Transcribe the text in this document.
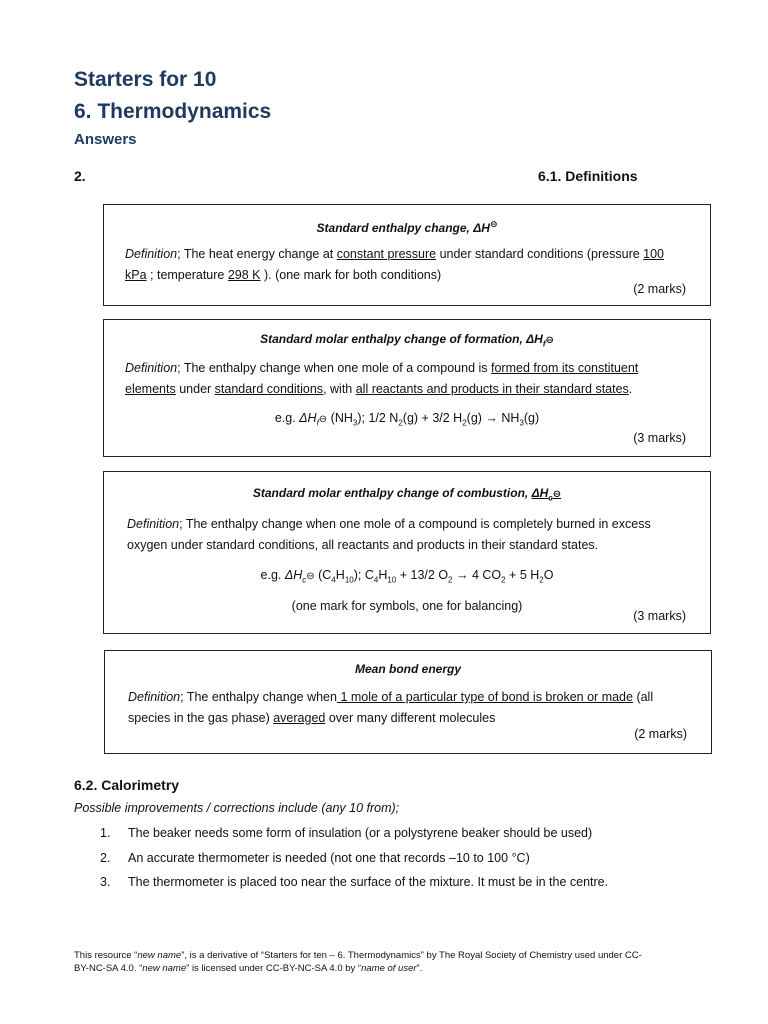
Starters for 10
6. Thermodynamics
Answers
2.	6.1. Definitions
Standard enthalpy change, ΔH⊖
Definition; The heat energy change at constant pressure under standard conditions (pressure 100
kPa ; temperature 298 K ). (one mark for both conditions)
(2 marks)
Standard molar enthalpy change of formation, $\Delta H_f⊖$
Definition; The enthalpy change when one mole of a compound is formed from its constituent
elements under standard conditions, with all reactants and products in their standard states.
e.g. $\Delta H_f⊖$ $(NH_3)$; 1/2 $N_2(g) + 3/2$ $H_2(g) \to NH_3(g)$
(3 marks)
Standard molar enthalpy change of combustion, $\Delta H_c⊖$
Definition; The enthalpy change when one mole of a compound is completely burned in excess
oxygen under standard conditions, all reactants and products in their standard states.
e.g. $\Delta H_c⊖$ $(C_4H_{10})$; $C_4H_{10} + 13/2$ $O_2 \to 4$ $CO_2 + 5$ $H_2O$
(one mark for symbols, one for balancing)
(3 marks)
Mean bond energy
Definition; The enthalpy change when 1 mole of a particular type of bond is broken or made (all
species in the gas phase) averaged over many different molecules
(2 marks)
6.2. Calorimetry
Possible improvements / corrections include (any 10 from);
1. The beaker needs some form of insulation (or a polystyrene beaker should be used)
2. An accurate thermometer is needed (not one that records –10 to 100 °C)
3. The thermometer is placed too near the surface of the mixture. It must be in the centre.
This resource “new name”, is a derivative of “Starters for ten – 6. Thermodynamics” by The Royal Society of Chemistry used under CC-
BY-NC-SA 4.0. “new name” is licensed under CC-BY-NC-SA 4.0 by “name of user”.
